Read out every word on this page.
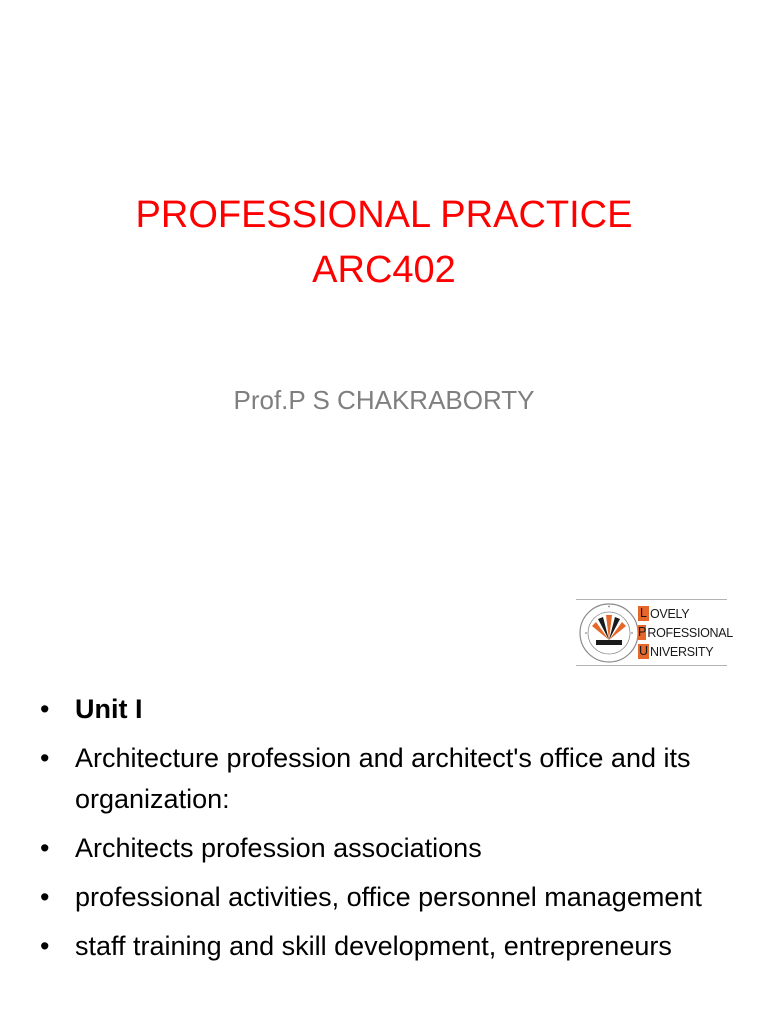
PROFESSIONAL PRACTICE
ARC402
Prof.P S CHAKRABORTY
L OVELY
P ROFESSIONAL
U NIVERSITY
• Unit I
• Architecture profession and architect's office and its organization:
• Architects profession associations
• professional activities, office personnel management
• staff training and skill development, entrepreneurs
